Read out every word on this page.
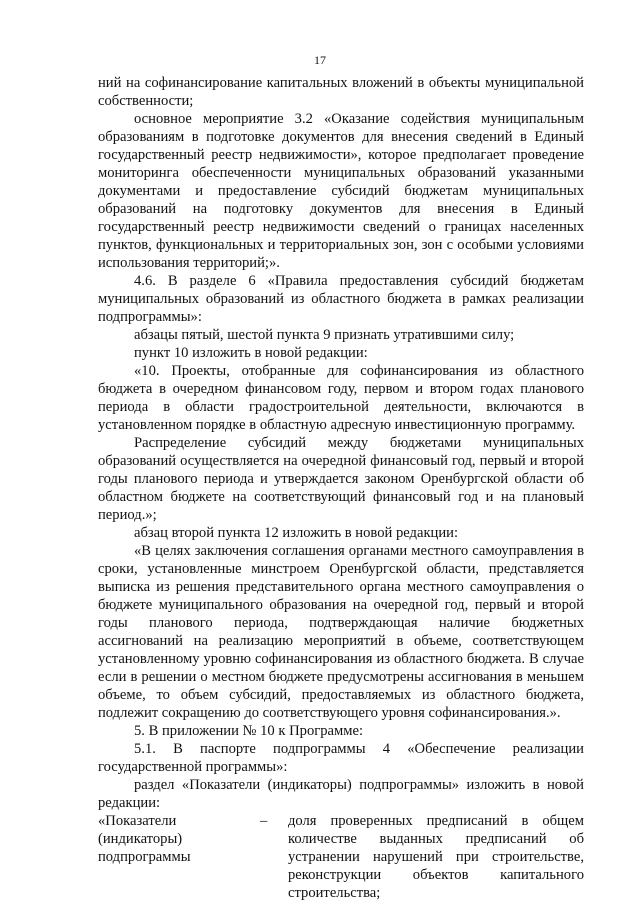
17

ний на софинансирование капитальных вложений в объекты муниципальной собственности;

основное мероприятие 3.2 «Оказание содействия муниципальным образованиям в подготовке документов для внесения сведений в Единый государственный реестр недвижимости», которое предполагает проведение мониторинга обеспеченности муниципальных образований указанными документами и предоставление субсидий бюджетам муниципальных образований на подготовку документов для внесения в Единый государственный реестр недвижимости сведений о границах населенных пунктов, функциональных и территориальных зон, зон с особыми условиями использования территорий;».

4.6. В разделе 6 «Правила предоставления субсидий бюджетам муниципальных образований из областного бюджета в рамках реализации подпрограммы»:

абзацы пятый, шестой пункта 9 признать утратившими силу;

пункт 10 изложить в новой редакции:

«10. Проекты, отобранные для софинансирования из областного бюджета в очередном финансовом году, первом и втором годах планового периода в области градостроительной деятельности, включаются в установленном порядке в областную адресную инвестиционную программу.

Распределение субсидий между бюджетами муниципальных образований осуществляется на очередной финансовый год, первый и второй годы планового периода и утверждается законом Оренбургской области об областном бюджете на соответствующий финансовый год и на плановый период.»;

абзац второй пункта 12 изложить в новой редакции:

«В целях заключения соглашения органами местного самоуправления в сроки, установленные минстроем Оренбургской области, представляется выписка из решения представительного органа местного самоуправления о бюджете муниципального образования на очередной год, первый и второй годы планового периода, подтверждающая наличие бюджетных ассигнований на реализацию мероприятий в объеме, соответствующем установленному уровню софинансирования из областного бюджета. В случае если в решении о местном бюджете предусмотрены ассигнования в меньшем объеме, то объем субсидий, предоставляемых из областного бюджета, подлежит сокращению до соответствующего уровня софинансирования.».

5. В приложении № 10 к Программе:

5.1. В паспорте подпрограммы 4 «Обеспечение реализации государственной программы»:

раздел «Показатели (индикаторы) подпрограммы» изложить в новой редакции:

«Показатели (индикаторы) подпрограммы
–	доля проверенных предписаний в общем количестве выданных предписаний об устранении нарушений при строительстве, реконструкции объектов капитального строительства;
